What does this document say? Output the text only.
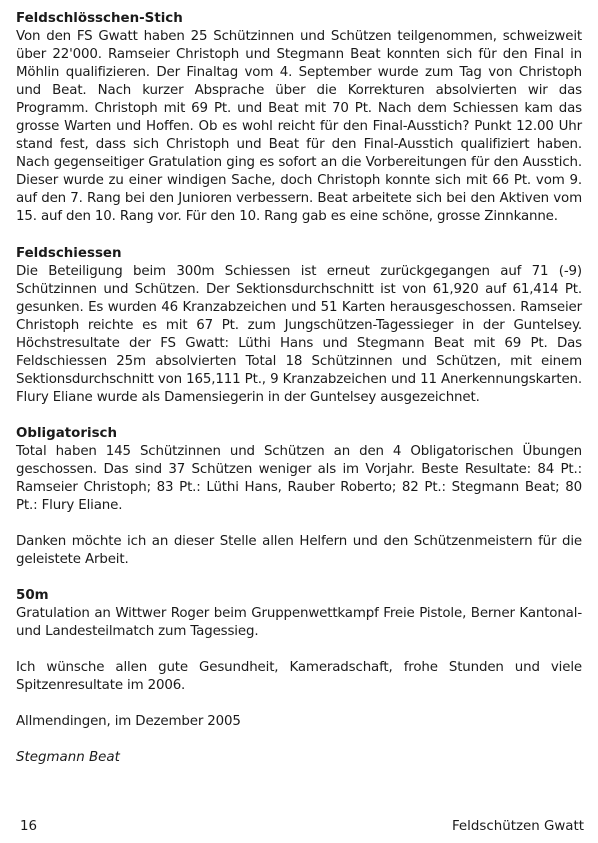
Feldschlösschen-Stich

Von den FS Gwatt haben 25 Schützinnen und Schützen teilgenommen, schweizweit über 22'000. Ramseier Christoph und Stegmann Beat konnten sich für den Final in Möhlin qualifizieren. Der Finaltag vom 4. September wurde zum Tag von Christoph und Beat. Nach kurzer Absprache über die Korrekturen absolvierten wir das Programm. Christoph mit 69 Pt. und Beat mit 70 Pt. Nach dem Schiessen kam das grosse Warten und Hoffen. Ob es wohl reicht für den Final-Ausstich? Punkt 12.00 Uhr stand fest, dass sich Christoph und Beat für den Final-Ausstich qualifiziert haben. Nach gegenseitiger Gratulation ging es sofort an die Vorbereitungen für den Ausstich. Dieser wurde zu einer windigen Sache, doch Christoph konnte sich mit 66 Pt. vom 9. auf den 7. Rang bei den Junioren verbessern. Beat arbeitete sich bei den Aktiven vom 15. auf den 10. Rang vor. Für den 10. Rang gab es eine schöne, grosse Zinnkanne.

Feldschiessen

Die Beteiligung beim 300m Schiessen ist erneut zurückgegangen auf 71 (-9) Schützinnen und Schützen. Der Sektionsdurchschnitt ist von 61,920 auf 61,414 Pt. gesunken. Es wurden 46 Kranzabzeichen und 51 Karten herausgeschossen. Ramseier Christoph reichte es mit 67 Pt. zum Jungschützen-Tagessieger in der Guntelsey. Höchstresultate der FS Gwatt: Lüthi Hans und Stegmann Beat mit 69 Pt. Das Feldschiessen 25m absolvierten Total 18 Schützinnen und Schützen, mit einem Sektionsdurchschnitt von 165,111 Pt., 9 Kranzabzeichen und 11 Anerkennungskarten. Flury Eliane wurde als Damensiegerin in der Guntelsey ausgezeichnet.

Obligatorisch

Total haben 145 Schützinnen und Schützen an den 4 Obligatorischen Übungen geschossen. Das sind 37 Schützen weniger als im Vorjahr. Beste Resultate: 84 Pt.: Ramseier Christoph; 83 Pt.: Lüthi Hans, Rauber Roberto; 82 Pt.: Stegmann Beat; 80 Pt.: Flury Eliane.

Danken möchte ich an dieser Stelle allen Helfern und den Schützenmeistern für die geleistete Arbeit.

50m

Gratulation an Wittwer Roger beim Gruppenwettkampf Freie Pistole, Berner Kantonal- und Landesteilmatch zum Tagessieg.

Ich wünsche allen gute Gesundheit, Kameradschaft, frohe Stunden und viele Spitzenresultate im 2006.

Allmendingen, im Dezember 2005

Stegmann Beat

16	Feldschützen Gwatt
